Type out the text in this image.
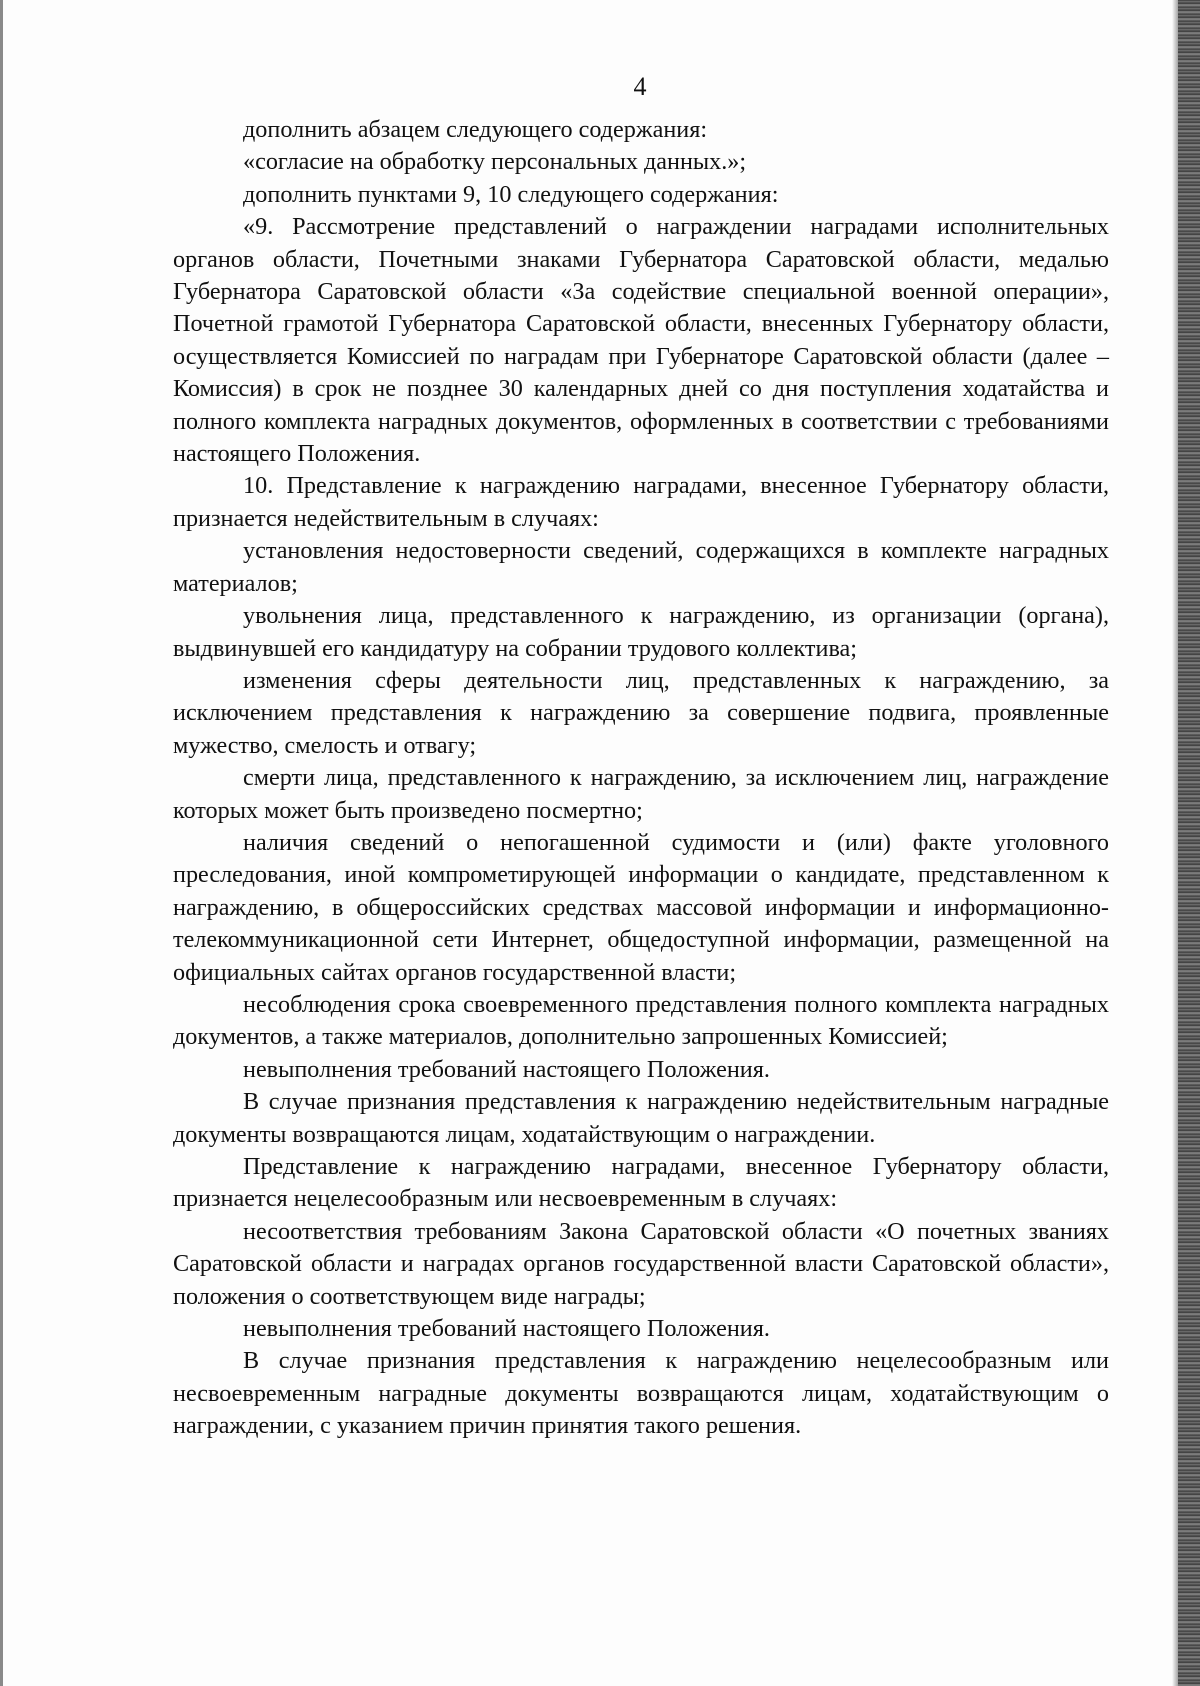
4

дополнить абзацем следующего содержания:

«согласие на обработку персональных данных.»;

дополнить пунктами 9, 10 следующего содержания:

«9. Рассмотрение представлений о награждении наградами исполнительных органов области, Почетными знаками Губернатора Саратовской области, медалью Губернатора Саратовской области «За содействие специальной военной операции», Почетной грамотой Губернатора Саратовской области, внесенных Губернатору области, осуществляется Комиссией по наградам при Губернаторе Саратовской области (далее – Комиссия) в срок не позднее 30 календарных дней со дня поступления ходатайства и полного комплекта наградных документов, оформленных в соответствии с требованиями настоящего Положения.

10. Представление к награждению наградами, внесенное Губернатору области, признается недействительным в случаях:

установления недостоверности сведений, содержащихся в комплекте наградных материалов;

увольнения лица, представленного к награждению, из организации (органа), выдвинувшей его кандидатуру на собрании трудового коллектива;

изменения сферы деятельности лиц, представленных к награждению, за исключением представления к награждению за совершение подвига, проявленные мужество, смелость и отвагу;

смерти лица, представленного к награждению, за исключением лиц, награждение которых может быть произведено посмертно;

наличия сведений о непогашенной судимости и (или) факте уголовного преследования, иной компрометирующей информации о кандидате, представленном к награждению, в общероссийских средствах массовой информации и информационно-телекоммуникационной сети Интернет, общедоступной информации, размещенной на официальных сайтах органов государственной власти;

несоблюдения срока своевременного представления полного комплекта наградных документов, а также материалов, дополнительно запрошенных Комиссией;

невыполнения требований настоящего Положения.

В случае признания представления к награждению недействительным наградные документы возвращаются лицам, ходатайствующим о награждении.

Представление к награждению наградами, внесенное Губернатору области, признается нецелесообразным или несвоевременным в случаях:

несоответствия требованиям Закона Саратовской области «О почетных званиях Саратовской области и наградах органов государственной власти Саратовской области», положения о соответствующем виде награды;

невыполнения требований настоящего Положения.

В случае признания представления к награждению нецелесообразным или несвоевременным наградные документы возвращаются лицам, ходатайствующим о награждении, с указанием причин принятия такого решения.
